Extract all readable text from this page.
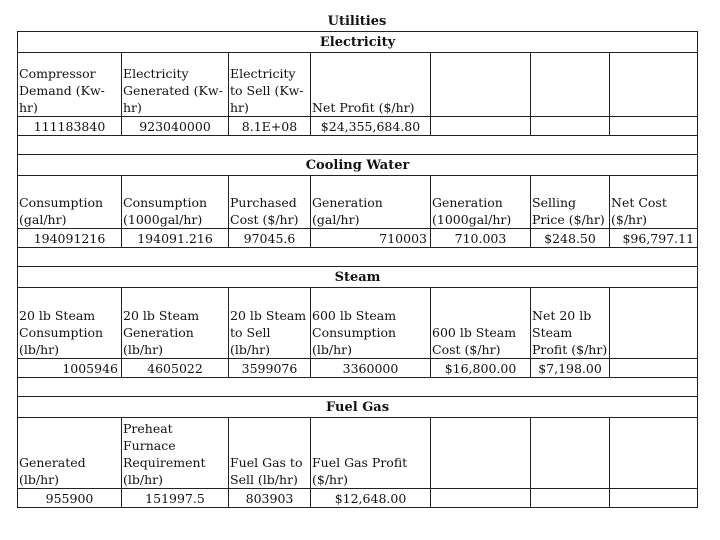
Utilities
Electricity						
Compressor Demand (Kw-hr)	Electricity Generated (Kw-hr)	Electricity to Sell (Kw-hr)	Net Profit ($/hr)			
111183840	923040000	8.1E+08	$24,355,684.80			

Cooling Water						
Consumption (gal/hr)	Consumption (1000gal/hr)	Purchased Cost ($/hr)	Generation (gal/hr)	Generation (1000gal/hr)	Selling Price ($/hr)	Net Cost ($/hr)
194091216	194091.216	97045.6	710003	710.003	$248.50	$96,797.11

Steam						
20 lb Steam Consumption (lb/hr)	20 lb Steam Generation (lb/hr)	20 lb Steam to Sell (lb/hr)	600 lb Steam Consumption (lb/hr)	600 lb Steam Cost ($/hr)	Net 20 lb Steam Profit ($/hr)	
1005946	4605022	3599076	3360000	$16,800.00	$7,198.00	

Fuel Gas						
Generated (lb/hr)	Preheat Furnace Requirement (lb/hr)	Fuel Gas to Sell (lb/hr)	Fuel Gas Profit ($/hr)			
955900	151997.5	803903	$12,648.00			
